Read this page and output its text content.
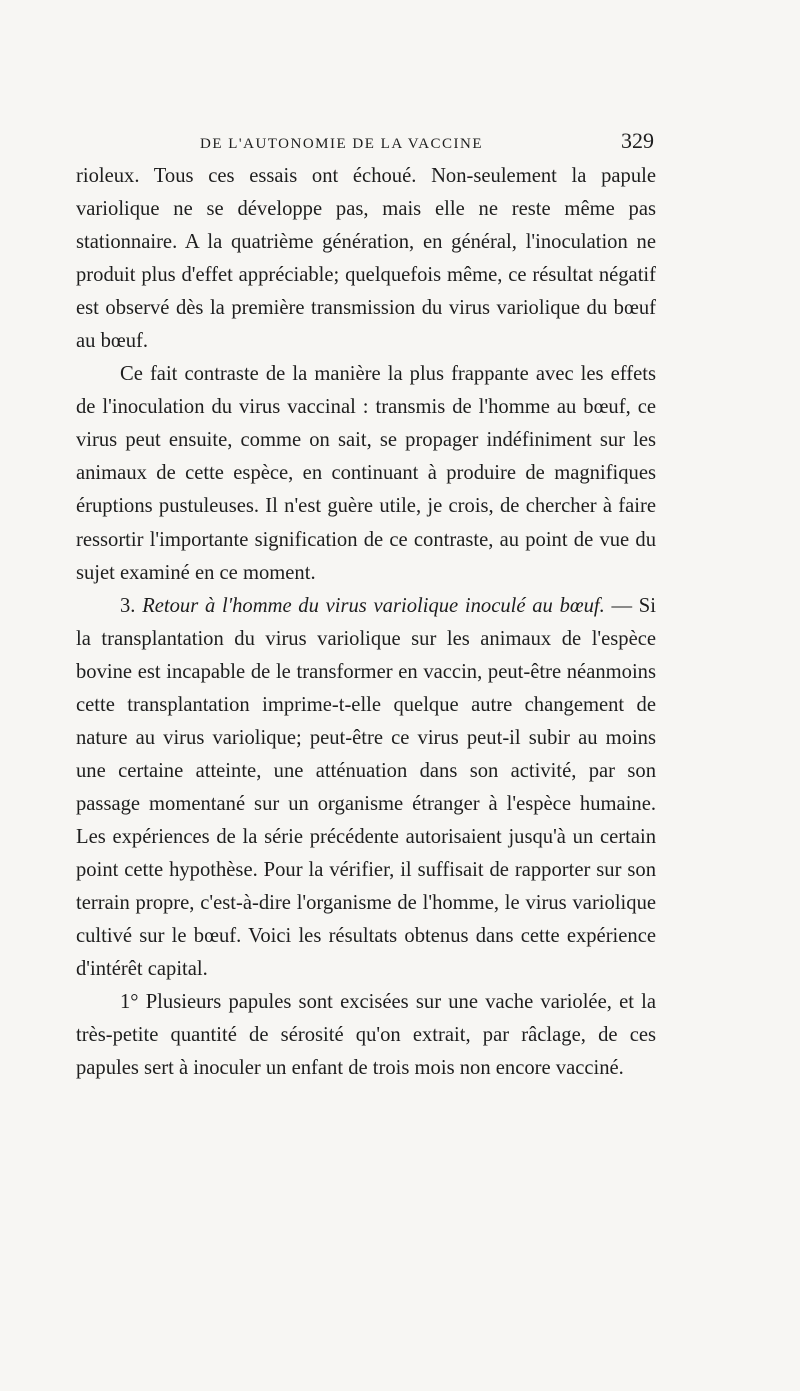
DE L'AUTONOMIE DE LA VACCINE	329

rioleux. Tous ces essais ont échoué. Non-seulement la papule variolique ne se développe pas, mais elle ne reste même pas stationnaire. A la quatrième génération, en général, l'inoculation ne produit plus d'effet appréciable; quelquefois même, ce résultat négatif est observé dès la première transmission du virus variolique du bœuf au bœuf.

Ce fait contraste de la manière la plus frappante avec les effets de l'inoculation du virus vaccinal : transmis de l'homme au bœuf, ce virus peut ensuite, comme on sait, se propager indéfiniment sur les animaux de cette espèce, en continuant à produire de magnifiques éruptions pustuleuses. Il n'est guère utile, je crois, de chercher à faire ressortir l'importante signification de ce contraste, au point de vue du sujet examiné en ce moment.

3. Retour à l'homme du virus variolique inoculé au bœuf. — Si la transplantation du virus variolique sur les animaux de l'espèce bovine est incapable de le transformer en vaccin, peut-être néanmoins cette transplantation imprime-t-elle quelque autre changement de nature au virus variolique; peut-être ce virus peut-il subir au moins une certaine atteinte, une atténuation dans son activité, par son passage momentané sur un organisme étranger à l'espèce humaine. Les expériences de la série précédente autorisaient jusqu'à un certain point cette hypothèse. Pour la vérifier, il suffisait de rapporter sur son terrain propre, c'est-à-dire l'organisme de l'homme, le virus variolique cultivé sur le bœuf. Voici les résultats obtenus dans cette expérience d'intérêt capital.

1° Plusieurs papules sont excisées sur une vache variolée, et la très-petite quantité de sérosité qu'on extrait, par râclage, de ces papules sert à inoculer un enfant de trois mois non encore vacciné.
